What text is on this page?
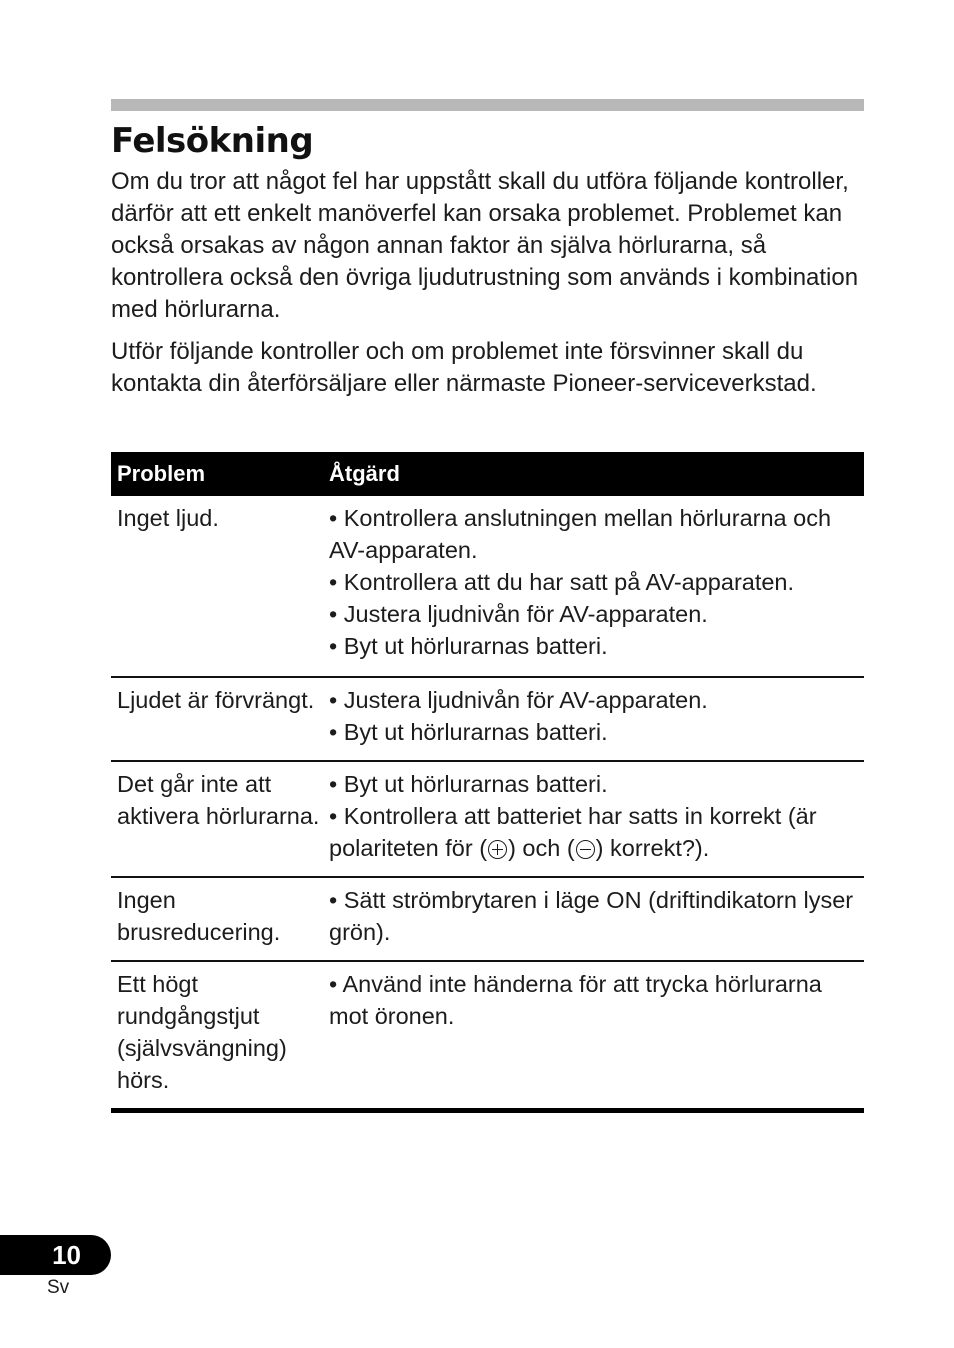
Felsökning

Om du tror att något fel har uppstått skall du utföra följande kontroller, därför att ett enkelt manöverfel kan orsaka problemet. Problemet kan också orsakas av någon annan faktor än själva hörlurarna, så kontrollera också den övriga ljudutrustning som används i kombination med hörlurarna.

Utför följande kontroller och om problemet inte försvinner skall du kontakta din återförsäljare eller närmaste Pioneer-serviceverkstad.

Problem	Åtgärd
Inget ljud.	• Kontrollera anslutningen mellan hörlurarna och AV-apparaten.
• Kontrollera att du har satt på AV-apparaten.
• Justera ljudnivån för AV-apparaten.
• Byt ut hörlurarnas batteri.
Ljudet är förvrängt. • Justera ljudnivån för AV-apparaten.
• Byt ut hörlurarnas batteri.
Det går inte att aktivera hörlurarna.
• Byt ut hörlurarnas batteri.
• Kontrollera att batteriet har satts in korrekt (är polariteten för ( ) och ( ) korrekt?).
Ingen brusreducering.
• Sätt strömbrytaren i läge ON (driftindikatorn lyser grön).
Ett högt rundgångstjut (självsvängning) hörs.
• Använd inte händerna för att trycka hörlurarna mot öronen.
10
Sv
